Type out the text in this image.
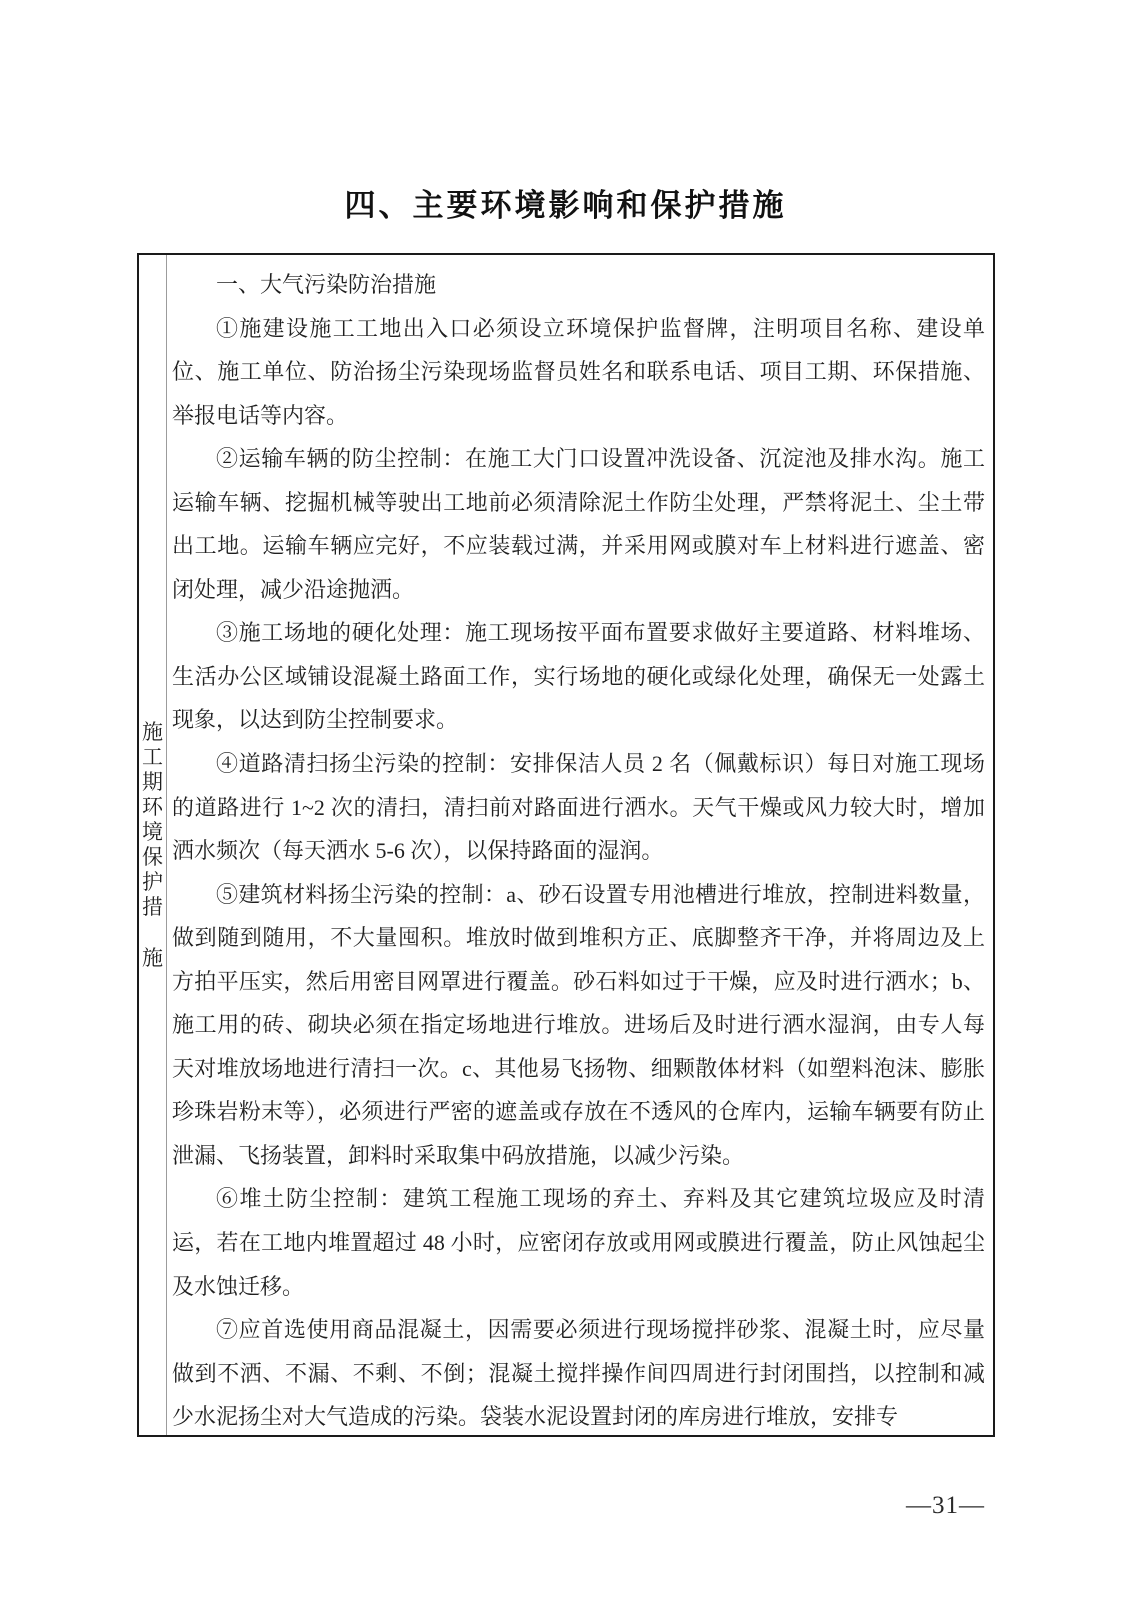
四、主要环境影响和保护措施
施
工
期
环
境
保
护
措
施

一、大气污染防治措施

①施建设施工工地出入口必须设立环境保护监督牌，注明项目名称、建设单位、施工单位、防治扬尘污染现场监督员姓名和联系电话、项目工期、环保措施、举报电话等内容。

②运输车辆的防尘控制：在施工大门口设置冲洗设备、沉淀池及排水沟。施工运输车辆、挖掘机械等驶出工地前必须清除泥土作防尘处理，严禁将泥土、尘土带出工地。运输车辆应完好，不应装载过满，并采用网或膜对车上材料进行遮盖、密闭处理，减少沿途抛洒。

③施工场地的硬化处理：施工现场按平面布置要求做好主要道路、材料堆场、生活办公区域铺设混凝土路面工作，实行场地的硬化或绿化处理，确保无一处露土现象，以达到防尘控制要求。

④道路清扫扬尘污染的控制：安排保洁人员 2 名（佩戴标识）每日对施工现场的道路进行 1~2 次的清扫，清扫前对路面进行洒水。天气干燥或风力较大时，增加洒水频次（每天洒水 5-6 次），以保持路面的湿润。

⑤建筑材料扬尘污染的控制：a、砂石设置专用池槽进行堆放，控制进料数量，做到随到随用，不大量囤积。堆放时做到堆积方正、底脚整齐干净，并将周边及上方拍平压实，然后用密目网罩进行覆盖。砂石料如过于干燥，应及时进行洒水；b、施工用的砖、砌块必须在指定场地进行堆放。进场后及时进行洒水湿润，由专人每天对堆放场地进行清扫一次。c、其他易飞扬物、细颗散体材料（如塑料泡沫、膨胀珍珠岩粉末等），必须进行严密的遮盖或存放在不透风的仓库内，运输车辆要有防止泄漏、飞扬装置，卸料时采取集中码放措施，以减少污染。

⑥堆土防尘控制：建筑工程施工现场的弃土、弃料及其它建筑垃圾应及时清运，若在工地内堆置超过 48 小时，应密闭存放或用网或膜进行覆盖，防止风蚀起尘及水蚀迁移。

⑦应首选使用商品混凝土，因需要必须进行现场搅拌砂浆、混凝土时，应尽量做到不洒、不漏、不剩、不倒；混凝土搅拌操作间四周进行封闭围挡，以控制和减少水泥扬尘对大气造成的污染。袋装水泥设置封闭的库房进行堆放，安排专

—31—
